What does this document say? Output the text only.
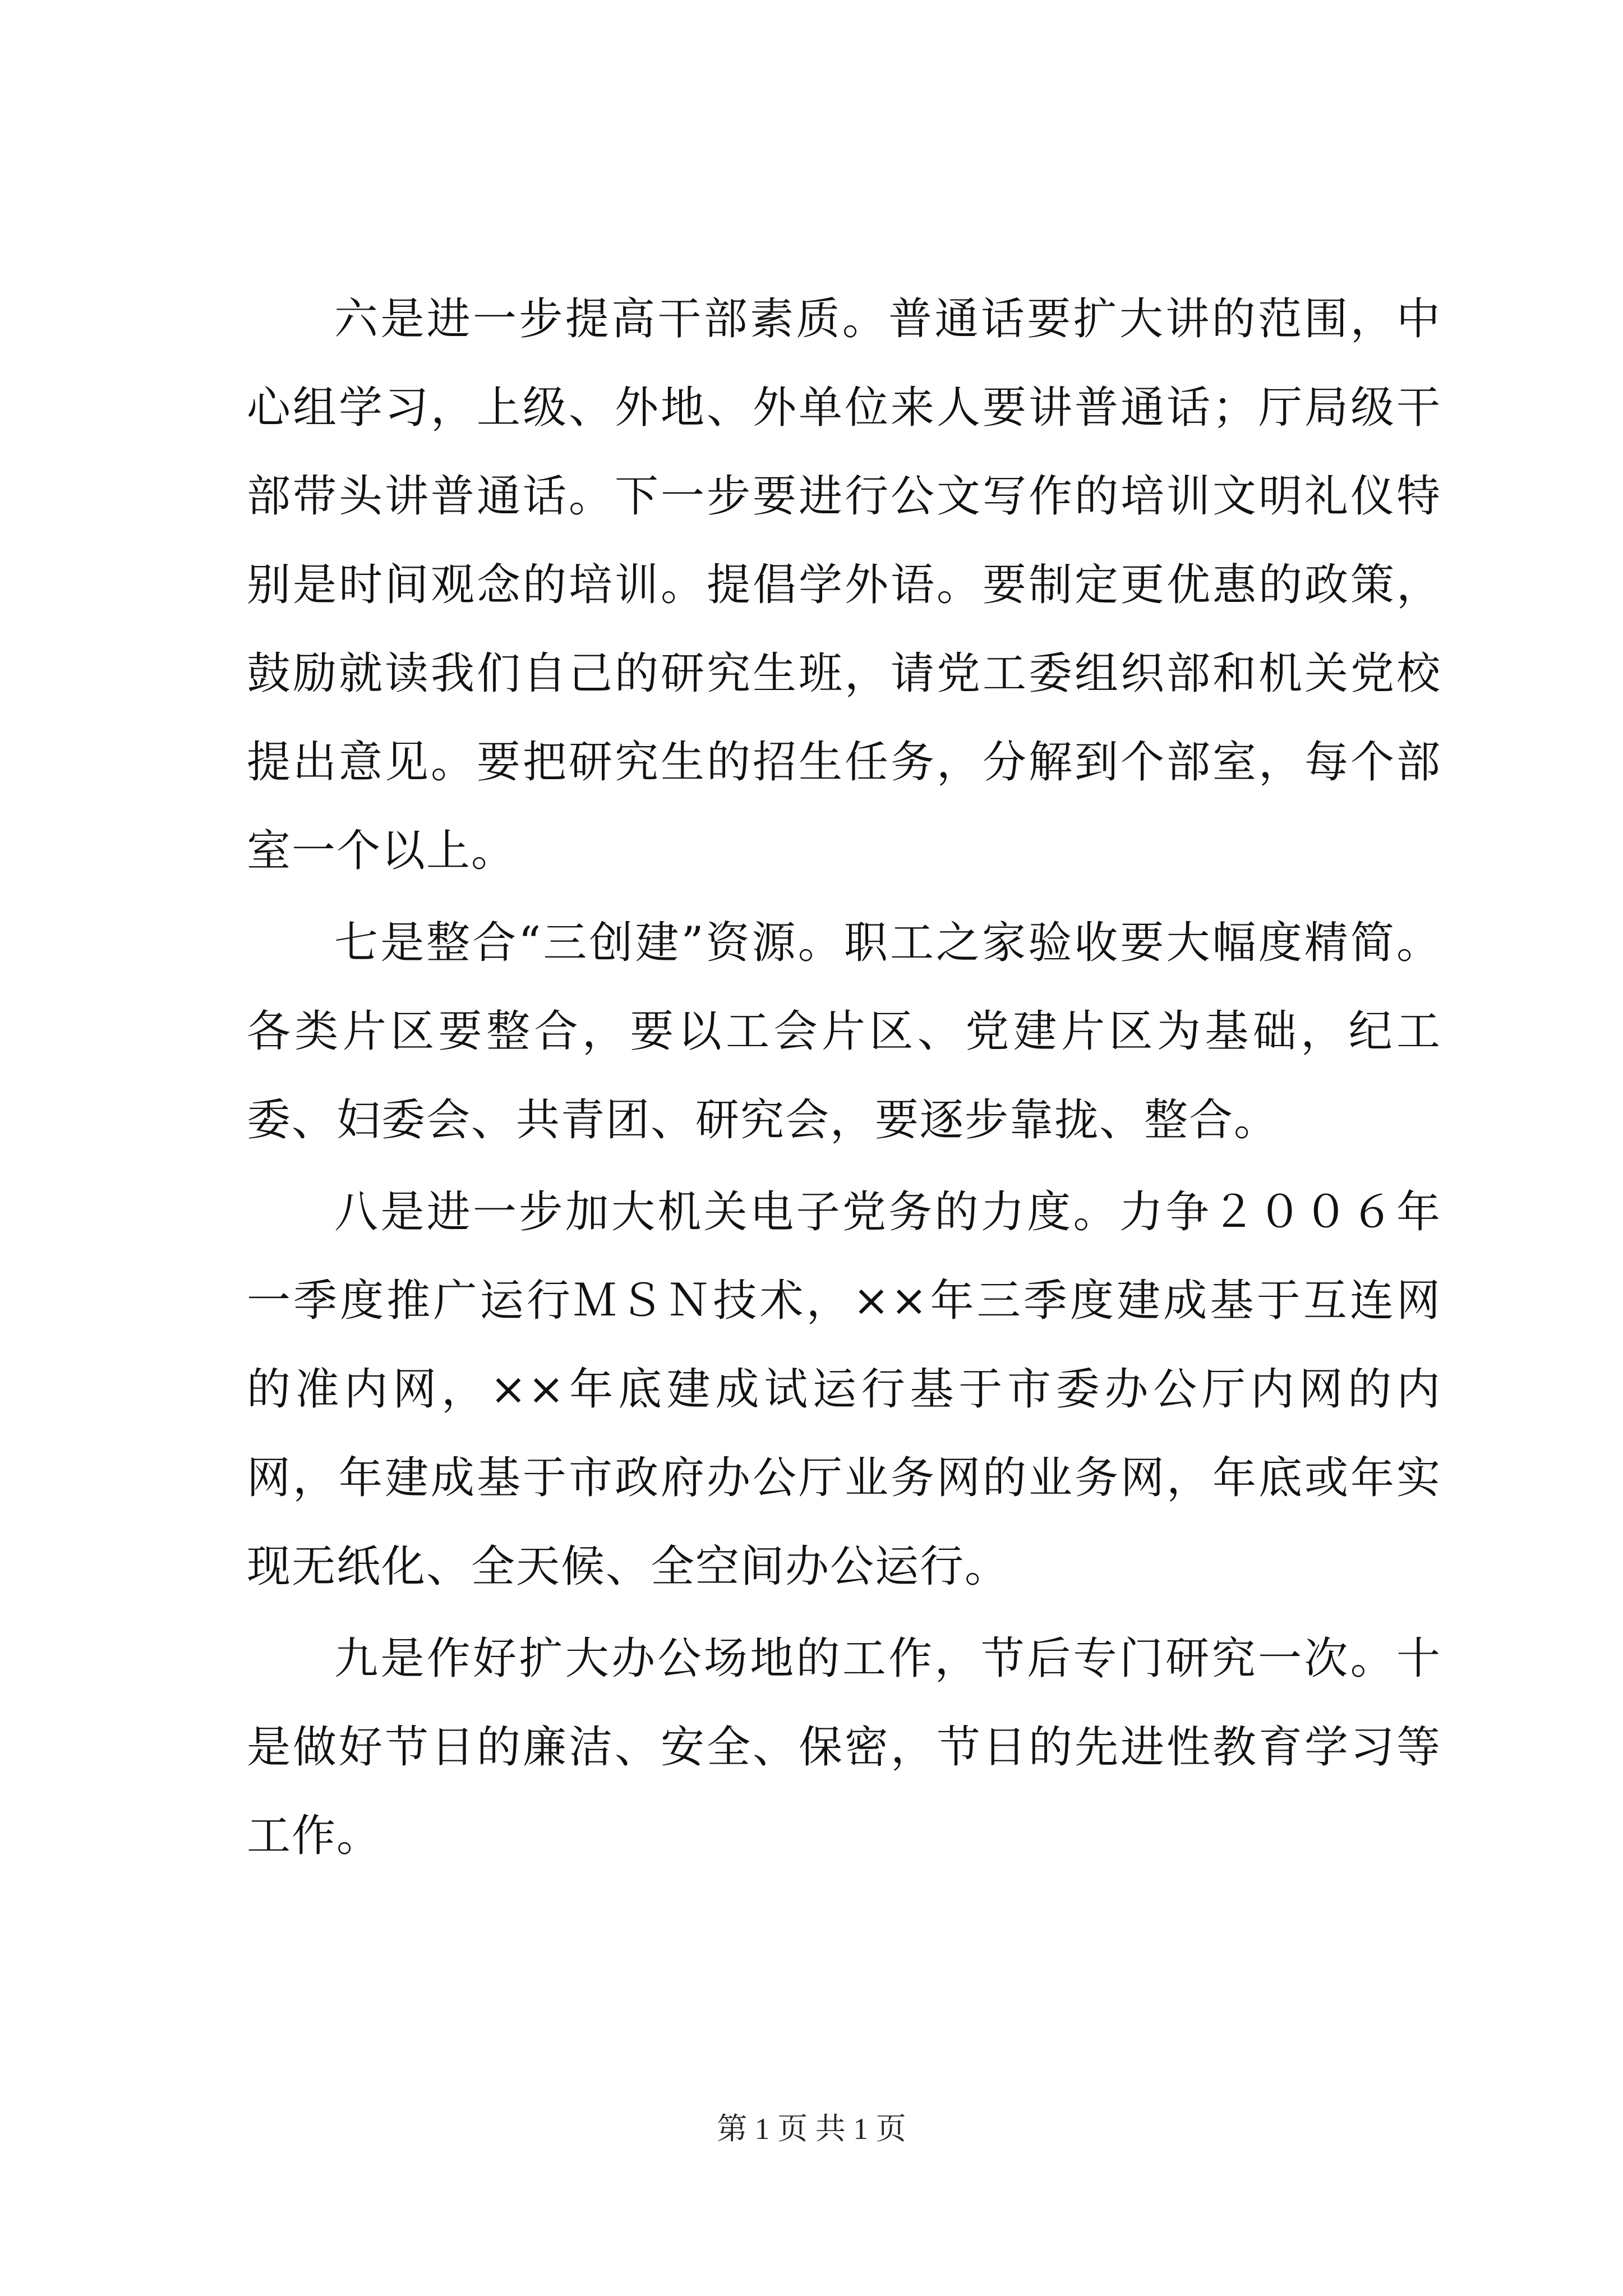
六是进一步提高干部素质。普通话要扩大讲的范围，中心组学习，上级、外地、外单位来人要讲普通话；厅局级干部带头讲普通话。下一步要进行公文写作的培训文明礼仪特别是时间观念的培训。提倡学外语。要制定更优惠的政策，鼓励就读我们自己的研究生班，请党工委组织部和机关党校提出意见。要把研究生的招生任务，分解到个部室，每个部室一个以上。

七是整合“三创建”资源。职工之家验收要大幅度精简。各类片区要整合，要以工会片区、党建片区为基础，纪工委、妇委会、共青团、研究会，要逐步靠拢、整合。

八是进一步加大机关电子党务的力度。力争２００６年一季度推广运行ＭＳＮ技术，××年三季度建成基于互连网的准内网，××年底建成试运行基于市委办公厅内网的内网，年建成基于市政府办公厅业务网的业务网，年底或年实现无纸化、全天候、全空间办公运行。

九是作好扩大办公场地的工作，节后专门研究一次。十是做好节日的廉洁、安全、保密，节日的先进性教育学习等工作。

第 1 页 共 1 页
